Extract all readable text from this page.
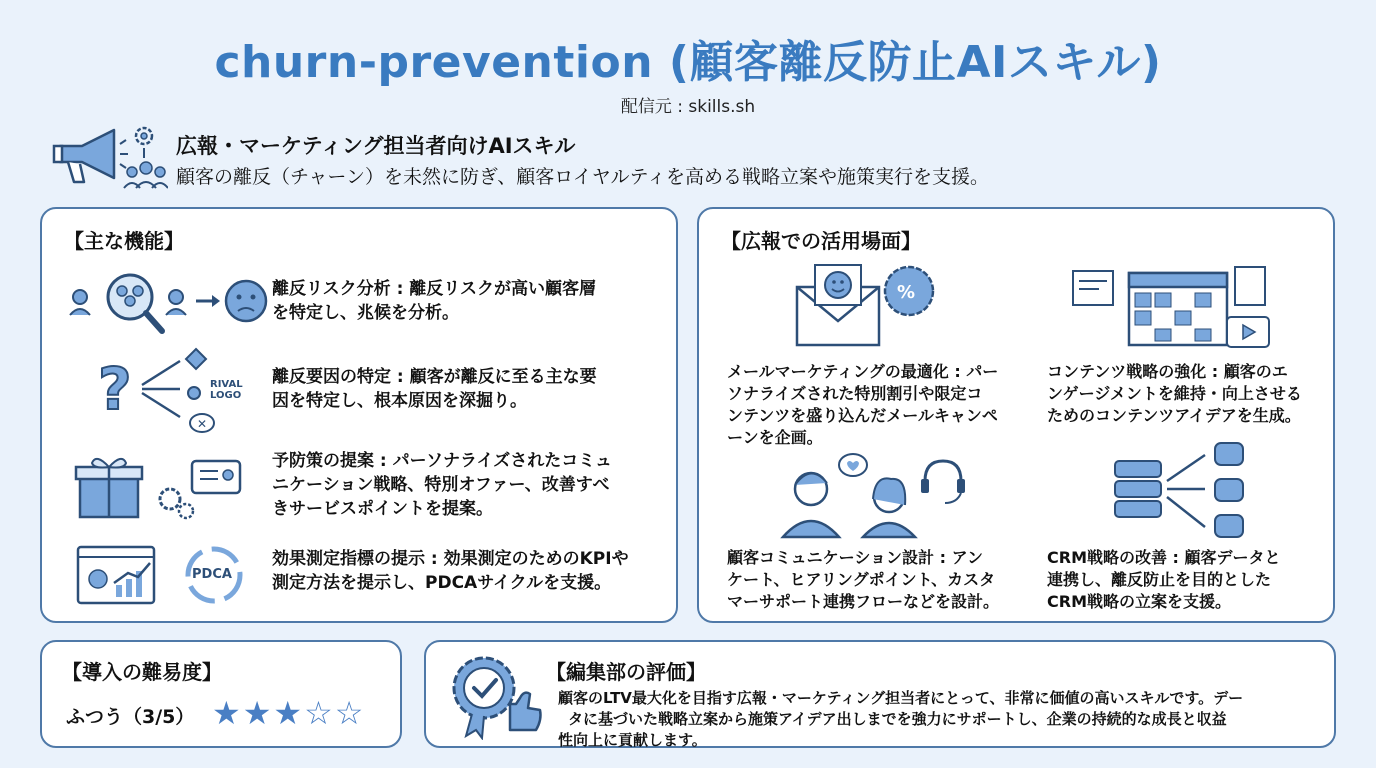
churn-prevention (顧客離反防止AIスキル)
配信元 : skills.sh
広報・マーケティング担当者向けAIスキル
顧客の離反（チャーン）を未然に防ぎ、顧客ロイヤルティを高める戦略立案や施策実行を支援。
【主な機能】
離反リスク分析 : 離反リスクが高い顧客層
を特定し、兆候を分析。
?
✕
RIVAL
LOGO
離反要因の特定 : 顧客が離反に至る主な要
因を特定し、根本原因を深掘り。
予防策の提案 : パーソナライズされたコミュ
ニケーション戦略、特別オファー、改善すべ
きサービスポイントを提案。
PDCA
効果測定指標の提示 : 効果測定のためのKPIや
測定方法を提示し、PDCAサイクルを支援。
【広報での活用場面】
%
メールマーケティングの最適化 : パー
ソナライズされた特別割引や限定コ
ンテンツを盛り込んだメールキャンペ
ーンを企画。
コンテンツ戦略の強化 : 顧客のエ
ンゲージメントを維持・向上させる
ためのコンテンツアイデアを生成。
顧客コミュニケーション設計 : アン
ケート、ヒアリングポイント、カスタ
マーサポート連携フローなどを設計。
CRM戦略の改善 : 顧客データと
連携し、離反防止を目的とした
CRM戦略の立案を支援。
【導入の難易度】
ふつう（3/5） ★★★☆☆
【編集部の評価】
顧客のLTV最大化を目指す広報・マーケティング担当者にとって、非常に価値の高いスキルです。デー
タに基づいた戦略立案から施策アイデア出しまでを強力にサポートし、企業の持続的な成長と収益
性向上に貢献します。
